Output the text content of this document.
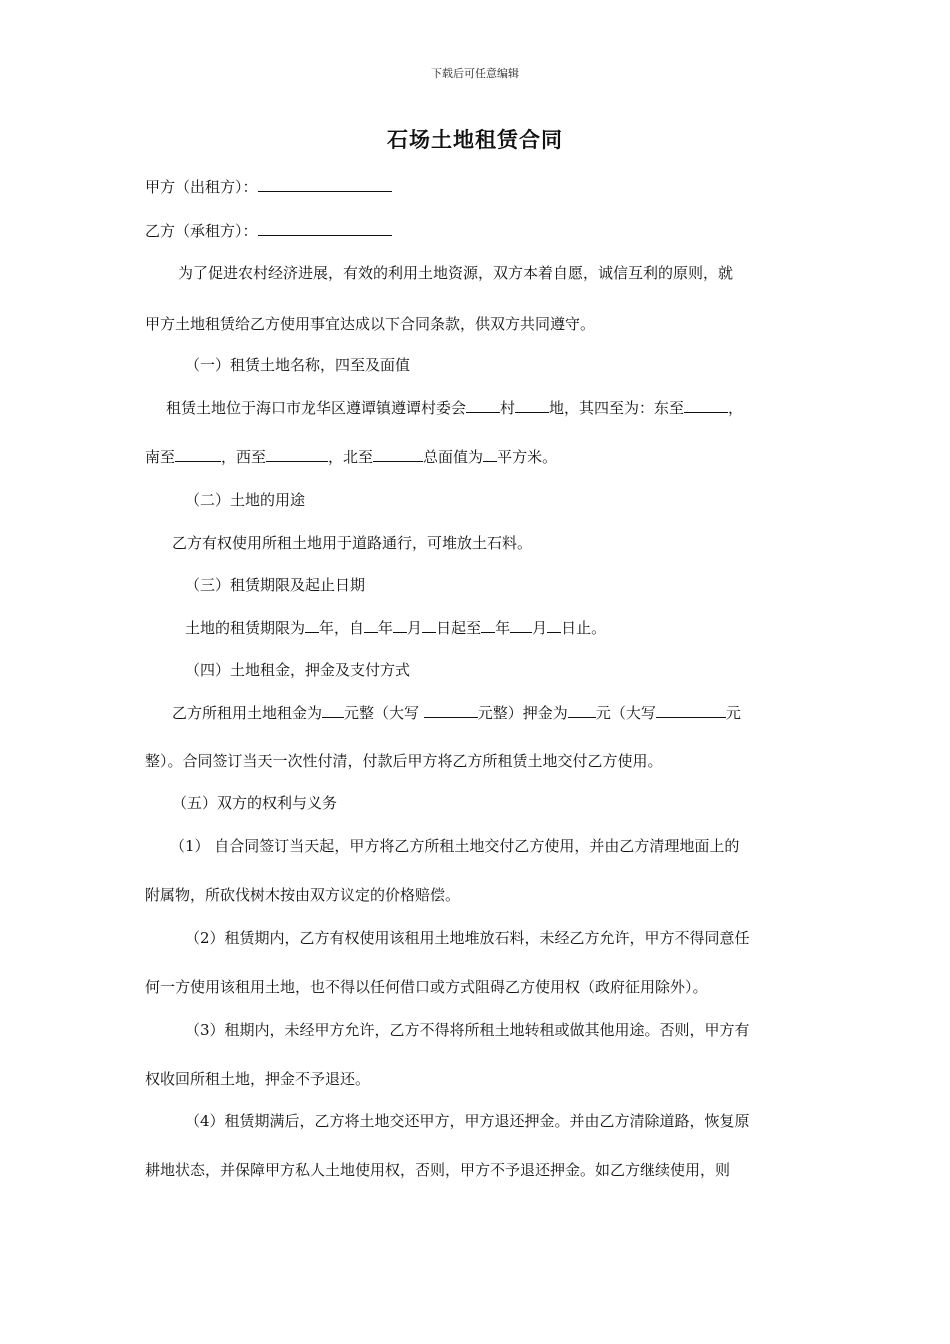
下载后可任意编辑
石场土地租赁合同
甲方（出租方）：
乙方（承租方）：
为了促进农村经济进展，有效的利用土地资源，双方本着自愿，诚信互利的原则，就
甲方土地租赁给乙方使用事宜达成以下合同条款，供双方共同遵守。
（一）租赁土地名称，四至及面值
租赁土地位于海口市龙华区遵谭镇遵谭村委会 村 地，其四至为：东至	，
南至	，西至	，北至	总面值为 平方米。
（二）土地的用途
乙方有权使用所租土地用于道路通行，可堆放土石料。
（三）租赁期限及起止日期
土地的租赁期限为 年，自 年 月 日起至 年 月 日止。
（四）土地租金，押金及支付方式
乙方所租用土地租金为 元整（大写	元整）押金为 元（大写	元
整）。合同签订当天一次性付清，付款后甲方将乙方所租赁土地交付乙方使用。
（五）双方的权利与义务
（1） 自合同签订当天起，甲方将乙方所租土地交付乙方使用，并由乙方清理地面上的
附属物，所砍伐树木按由双方议定的价格赔偿。
（2）租赁期内，乙方有权使用该租用土地堆放石料，未经乙方允许，甲方不得同意任
何一方使用该租用土地，也不得以任何借口或方式阻碍乙方使用权（政府征用除外）。
（3）租期内，未经甲方允许，乙方不得将所租土地转租或做其他用途。否则，甲方有
权收回所租土地，押金不予退还。
（4）租赁期满后，乙方将土地交还甲方，甲方退还押金。并由乙方清除道路，恢复原
耕地状态，并保障甲方私人土地使用权，否则，甲方不予退还押金。如乙方继续使用，则
